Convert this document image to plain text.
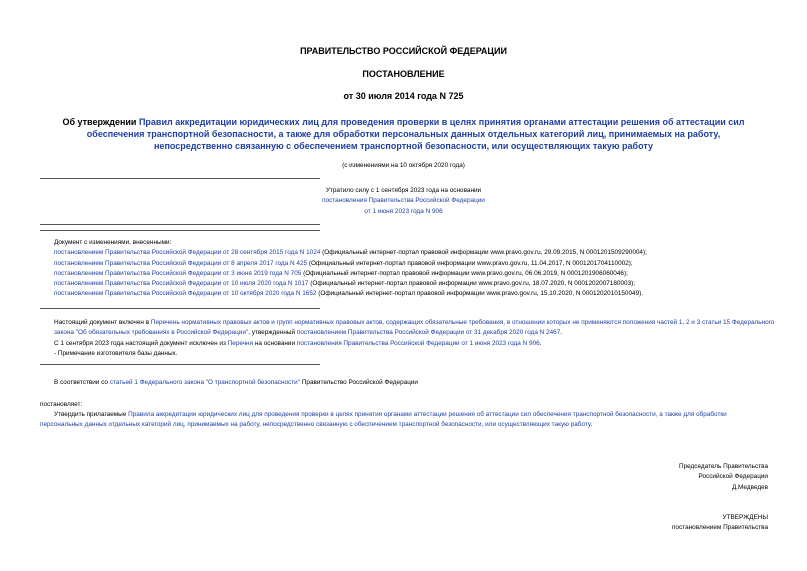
ПРАВИТЕЛЬСТВО РОССИЙСКОЙ ФЕДЕРАЦИИ
ПОСТАНОВЛЕНИЕ
от 30 июля 2014 года N 725
Об утверждении Правил аккредитации юридических лиц для проведения проверки в целях принятия органами аттестации решения об аттестации сил обеспечения транспортной безопасности, а также для обработки персональных данных отдельных категорий лиц, принимаемых на работу, непосредственно связанную с обеспечением транспортной безопасности, или осуществляющих такую работу
(с изменениями на 10 октября 2020 года)
Утратило силу с 1 сентября 2023 года на основании
постановления Правительства Российской Федерации
от 1 июня 2023 года N 906
Документ с изменениями, внесенными:
постановлением Правительства Российской Федерации от 28 сентября 2015 года N 1024 (Официальный интернет-портал правовой информации www.pravo.gov.ru, 29.09.2015, N 0001201509290004);
постановлением Правительства Российской Федерации от 8 апреля 2017 года N 425 (Официальный интернет-портал правовой информации www.pravo.gov.ru, 11.04.2017, N 0001201704110002);
постановлением Правительства Российской Федерации от 3 июня 2019 года N 705 (Официальный интернет-портал правовой информации www.pravo.gov.ru, 06.06.2019, N 0001201906060046);
постановлением Правительства Российской Федерации от 10 июля 2020 года N 1017 (Официальный интернет-портал правовой информации www.pravo.gov.ru, 18.07.2020, N 0001202007180003);
постановлением Правительства Российской Федерации от 10 октября 2020 года N 1652 (Официальный интернет-портал правовой информации www.pravo.gov.ru, 15.10.2020, N 0001202010150049).
Настоящий документ включен в Перечень нормативных правовых актов и групп нормативных правовых актов, содержащих обязательные требования, в отношении которых не применяются положения частей 1, 2 и 3 статьи 15 Федерального закона "Об обязательных требованиях в Российской Федерации", утвержденный постановлением Правительства Российской Федерации от 31 декабря 2020 года N 2467.
С 1 сентября 2023 года настоящий документ исключен из Перечня на основании постановления Правительства Российской Федерации от 1 июня 2023 года N 906.
- Примечание изготовителя базы данных.
В соответствии со статьей 1 Федерального закона "О транспортной безопасности" Правительство Российской Федерации
постановляет:
Утвердить прилагаемые Правила аккредитации юридических лиц для проведения проверки в целях принятия органами аттестации решения об аттестации сил обеспечения транспортной безопасности, а также для обработки персональных данных отдельных категорий лиц, принимаемых на работу, непосредственно связанную с обеспечением транспортной безопасности, или осуществляющих такую работу.
Председатель Правительства
Российской Федерации
Д.Медведев
УТВЕРЖДЕНЫ
постановлением Правительства
